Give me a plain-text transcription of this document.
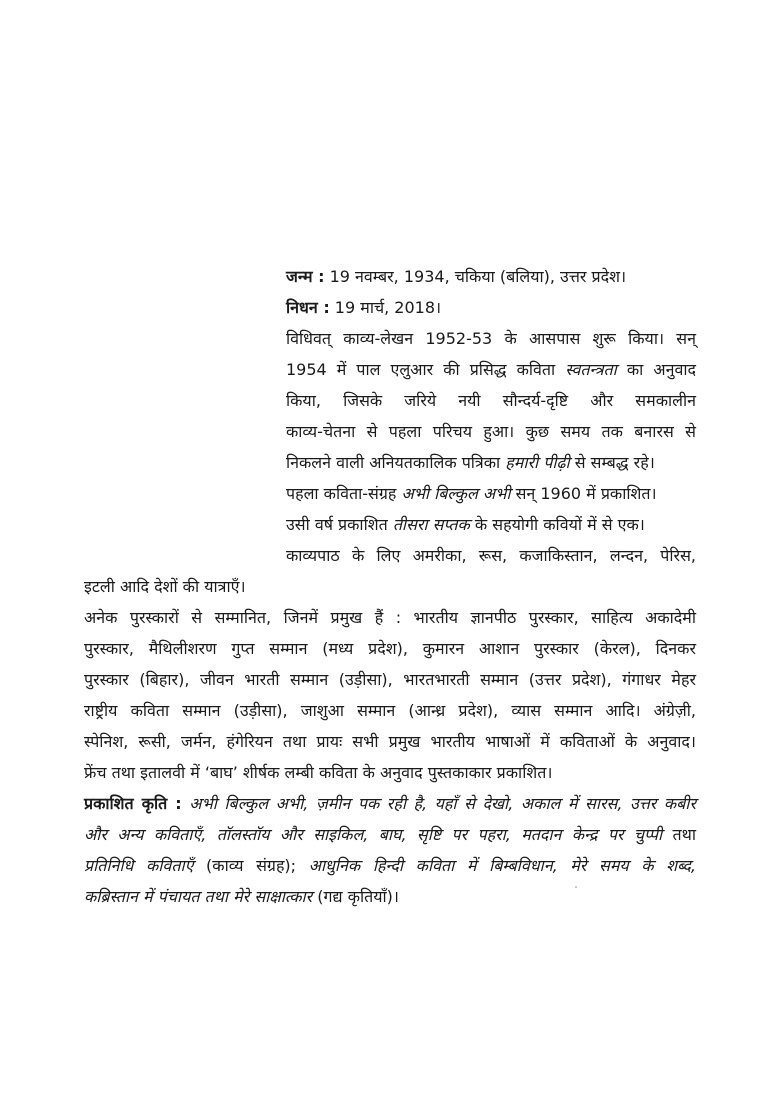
जन्म : 19 नवम्बर, 1934, चकिया (बलिया), उत्तर प्रदेश।
निधन : 19 मार्च, 2018।
विधिवत् काव्य-लेखन 1952-53 के आसपास शुरू किया। सन्
1954 में पाल एलुआर की प्रसिद्ध कविता स्वतन्त्रता का अनुवाद
किया, जिसके जरिये नयी सौन्दर्य-दृष्टि और समकालीन
काव्य-चेतना से पहला परिचय हुआ। कुछ समय तक बनारस से
निकलने वाली अनियतकालिक पत्रिका हमारी पीढ़ी से सम्बद्ध रहे।
पहला कविता-संग्रह अभी बिल्कुल अभी सन् 1960 में प्रकाशित।
उसी वर्ष प्रकाशित तीसरा सप्तक के सहयोगी कवियों में से एक।
काव्यपाठ के लिए अमरीका, रूस, कजाकिस्तान, लन्दन, पेरिस,
इटली आदि देशों की यात्राएँ।
अनेक पुरस्कारों से सम्मानित, जिनमें प्रमुख हैं : भारतीय ज्ञानपीठ पुरस्कार, साहित्य अकादेमी
पुरस्कार, मैथिलीशरण गुप्त सम्मान (मध्य प्रदेश), कुमारन आशान पुरस्कार (केरल), दिनकर
पुरस्कार (बिहार), जीवन भारती सम्मान (उड़ीसा), भारतभारती सम्मान (उत्तर प्रदेश), गंगाधर मेहर
राष्ट्रीय कविता सम्मान (उड़ीसा), जाशुआ सम्मान (आन्ध्र प्रदेश), व्यास सम्मान आदि। अंग्रेज़ी,
स्पेनिश, रूसी, जर्मन, हंगेरियन तथा प्रायः सभी प्रमुख भारतीय भाषाओं में कविताओं के अनुवाद।
फ्रेंच तथा इतालवी में ‘बाघ’ शीर्षक लम्बी कविता के अनुवाद पुस्तकाकार प्रकाशित।
प्रकाशित कृति : अभी बिल्कुल अभी, ज़मीन पक रही है, यहाँ से देखो, अकाल में सारस, उत्तर कबीर
और अन्य कविताएँ, तॉलस्तॉय और साइकिल, बाघ, सृष्टि पर पहरा, मतदान केन्द्र पर चुप्पी तथा
प्रतिनिधि कविताएँ (काव्य संग्रह); आधुनिक हिन्दी कविता में बिम्बविधान, मेरे समय के शब्द,
कब्रिस्तान में पंचायत तथा मेरे साक्षात्कार (गद्य कृतियाँ)।
